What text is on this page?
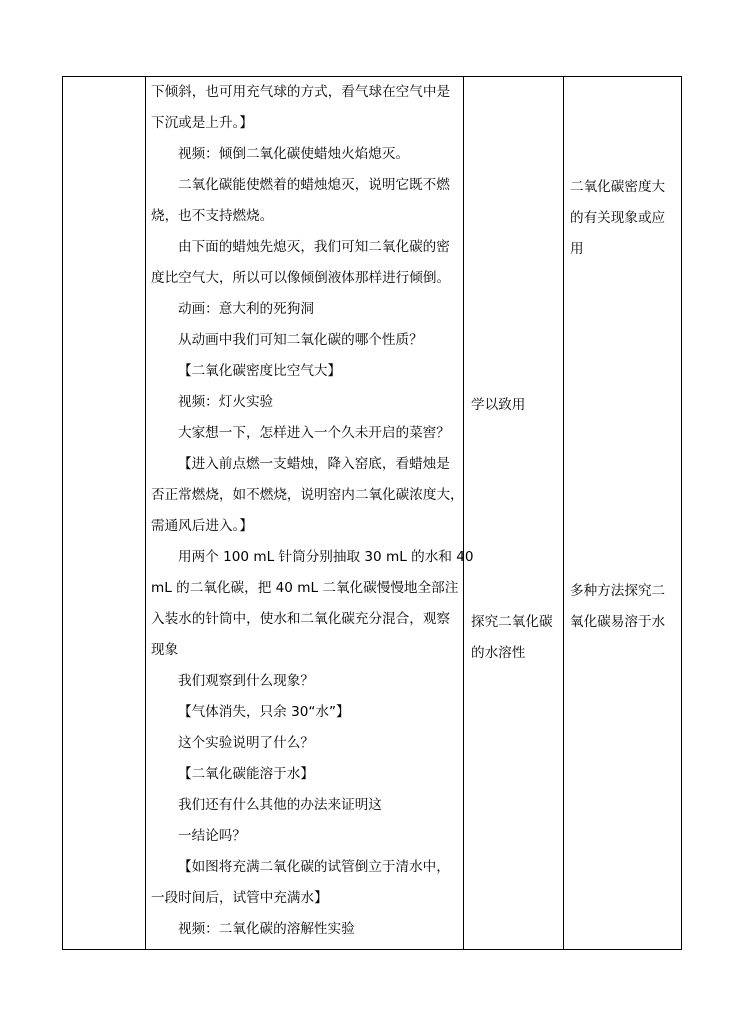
下倾斜，也可用充气球的方式，看气球在空气中是
下沉或是上升。】
视频：倾倒二氧化碳使蜡烛火焰熄灭。
二氧化碳能使燃着的蜡烛熄灭，说明它既不燃
烧，也不支持燃烧。
由下面的蜡烛先熄灭，我们可知二氧化碳的密
度比空气大，所以可以像倾倒液体那样进行倾倒。
动画：意大利的死狗洞
从动画中我们可知二氧化碳的哪个性质？
【二氧化碳密度比空气大】
视频：灯火实验
大家想一下，怎样进入一个久未开启的菜窖？
【进入前点燃一支蜡烛，降入窑底，看蜡烛是
否正常燃烧，如不燃烧，说明窑内二氧化碳浓度大，
需通风后进入。】
用两个 100 mL 针筒分别抽取 30 mL 的水和 40
mL 的二氧化碳，把 40 mL 二氧化碳慢慢地全部注
入装水的针筒中，使水和二氧化碳充分混合，观察
现象
我们观察到什么现象？
【气体消失，只余 30“水”】
这个实验说明了什么？
【二氧化碳能溶于水】
我们还有什么其他的办法来证明这
一结论吗？
【如图将充满二氧化碳的试管倒立于清水中，
一段时间后，试管中充满水】
视频：二氧化碳的溶解性实验
学以致用
探究二氧化碳
的水溶性
二氧化碳密度大
的有关现象或应
用
多种方法探究二
氧化碳易溶于水
